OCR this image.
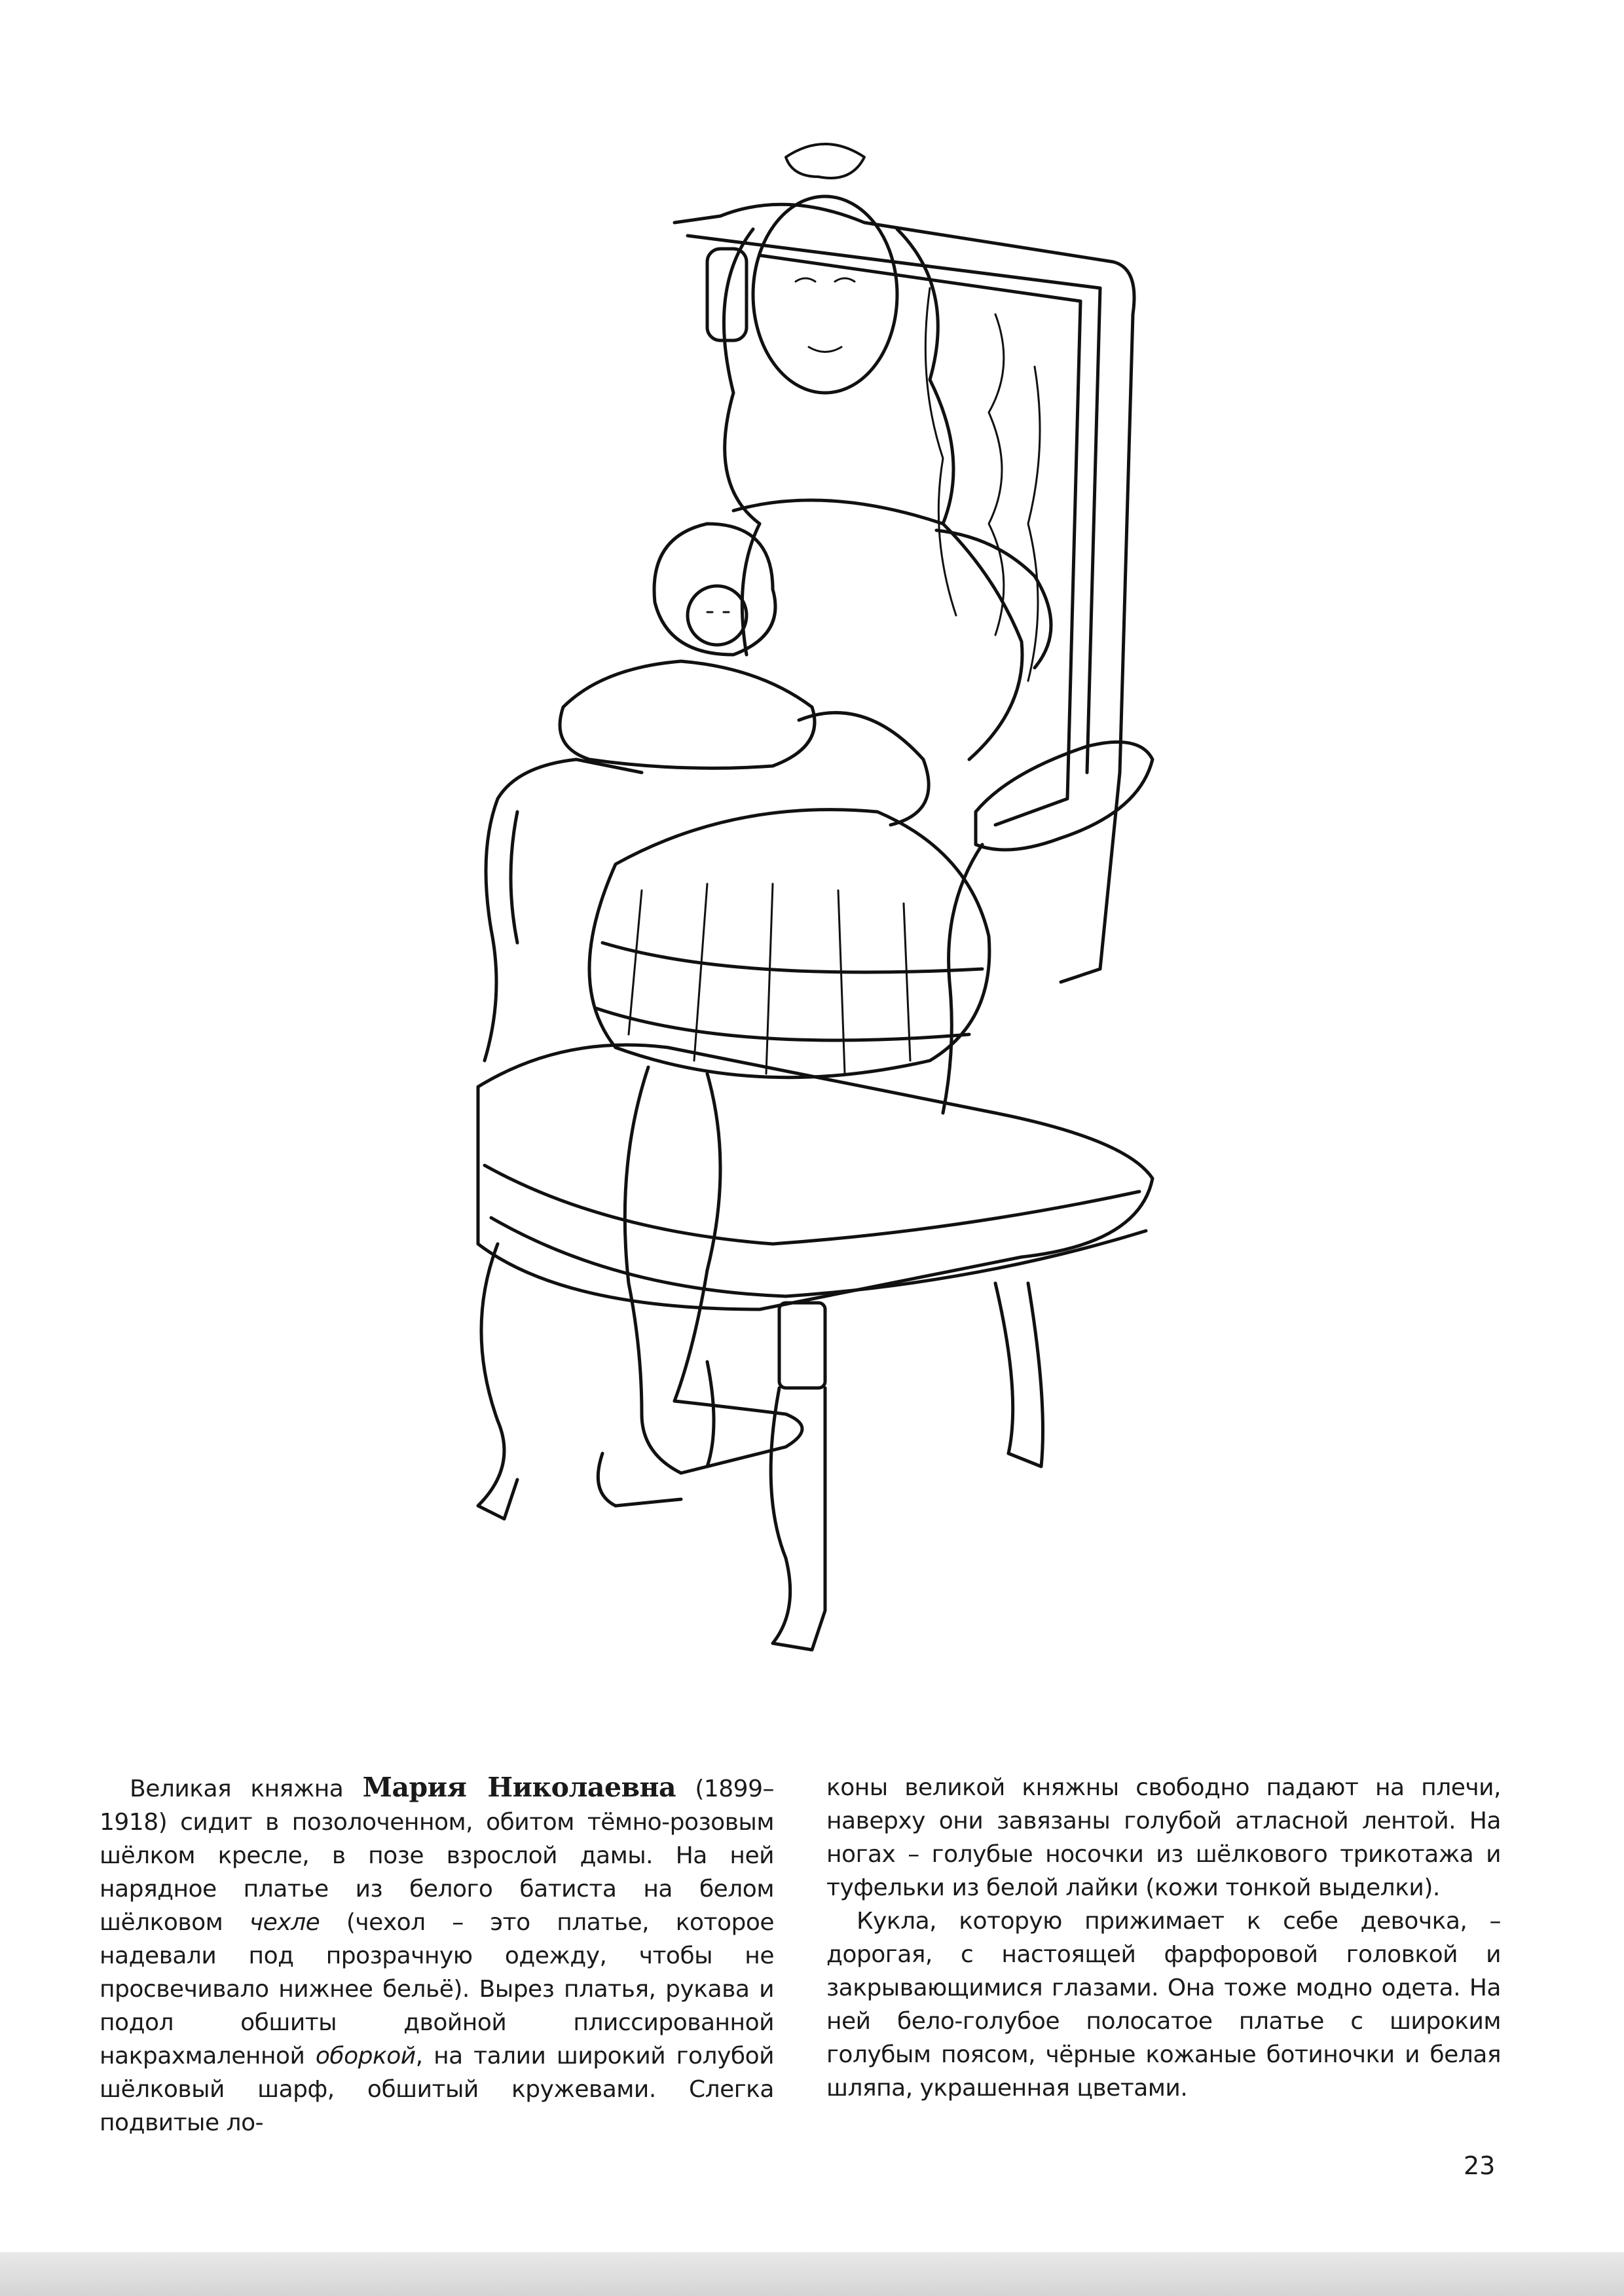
Великая княжна Мария Николаевна (1899–1918) сидит в позолоченном, обитом тёмно-розовым шёлком кресле, в позе взрослой дамы. На ней нарядное платье из белого батиста на белом шёлковом чехле (чехол – это платье, которое надевали под прозрачную одежду, чтобы не просвечивало нижнее бельё). Вырез платья, рукава и подол обшиты двойной плиссированной накрахмаленной оборкой, на талии широкий голубой шёлковый шарф, обшитый кружевами. Слегка подвитые ло-

коны великой княжны свободно падают на плечи, наверху они завязаны голубой атласной лентой. На ногах – голубые носочки из шёлкового трикотажа и туфельки из белой лайки (кожи тонкой выделки).

Кукла, которую прижимает к себе девочка, – дорогая, с настоящей фарфоровой головкой и закрывающимися глазами. Она тоже модно одета. На ней бело-голубое полосатое платье с широким голубым поясом, чёрные кожаные ботиночки и белая шляпа, украшенная цветами.

23
